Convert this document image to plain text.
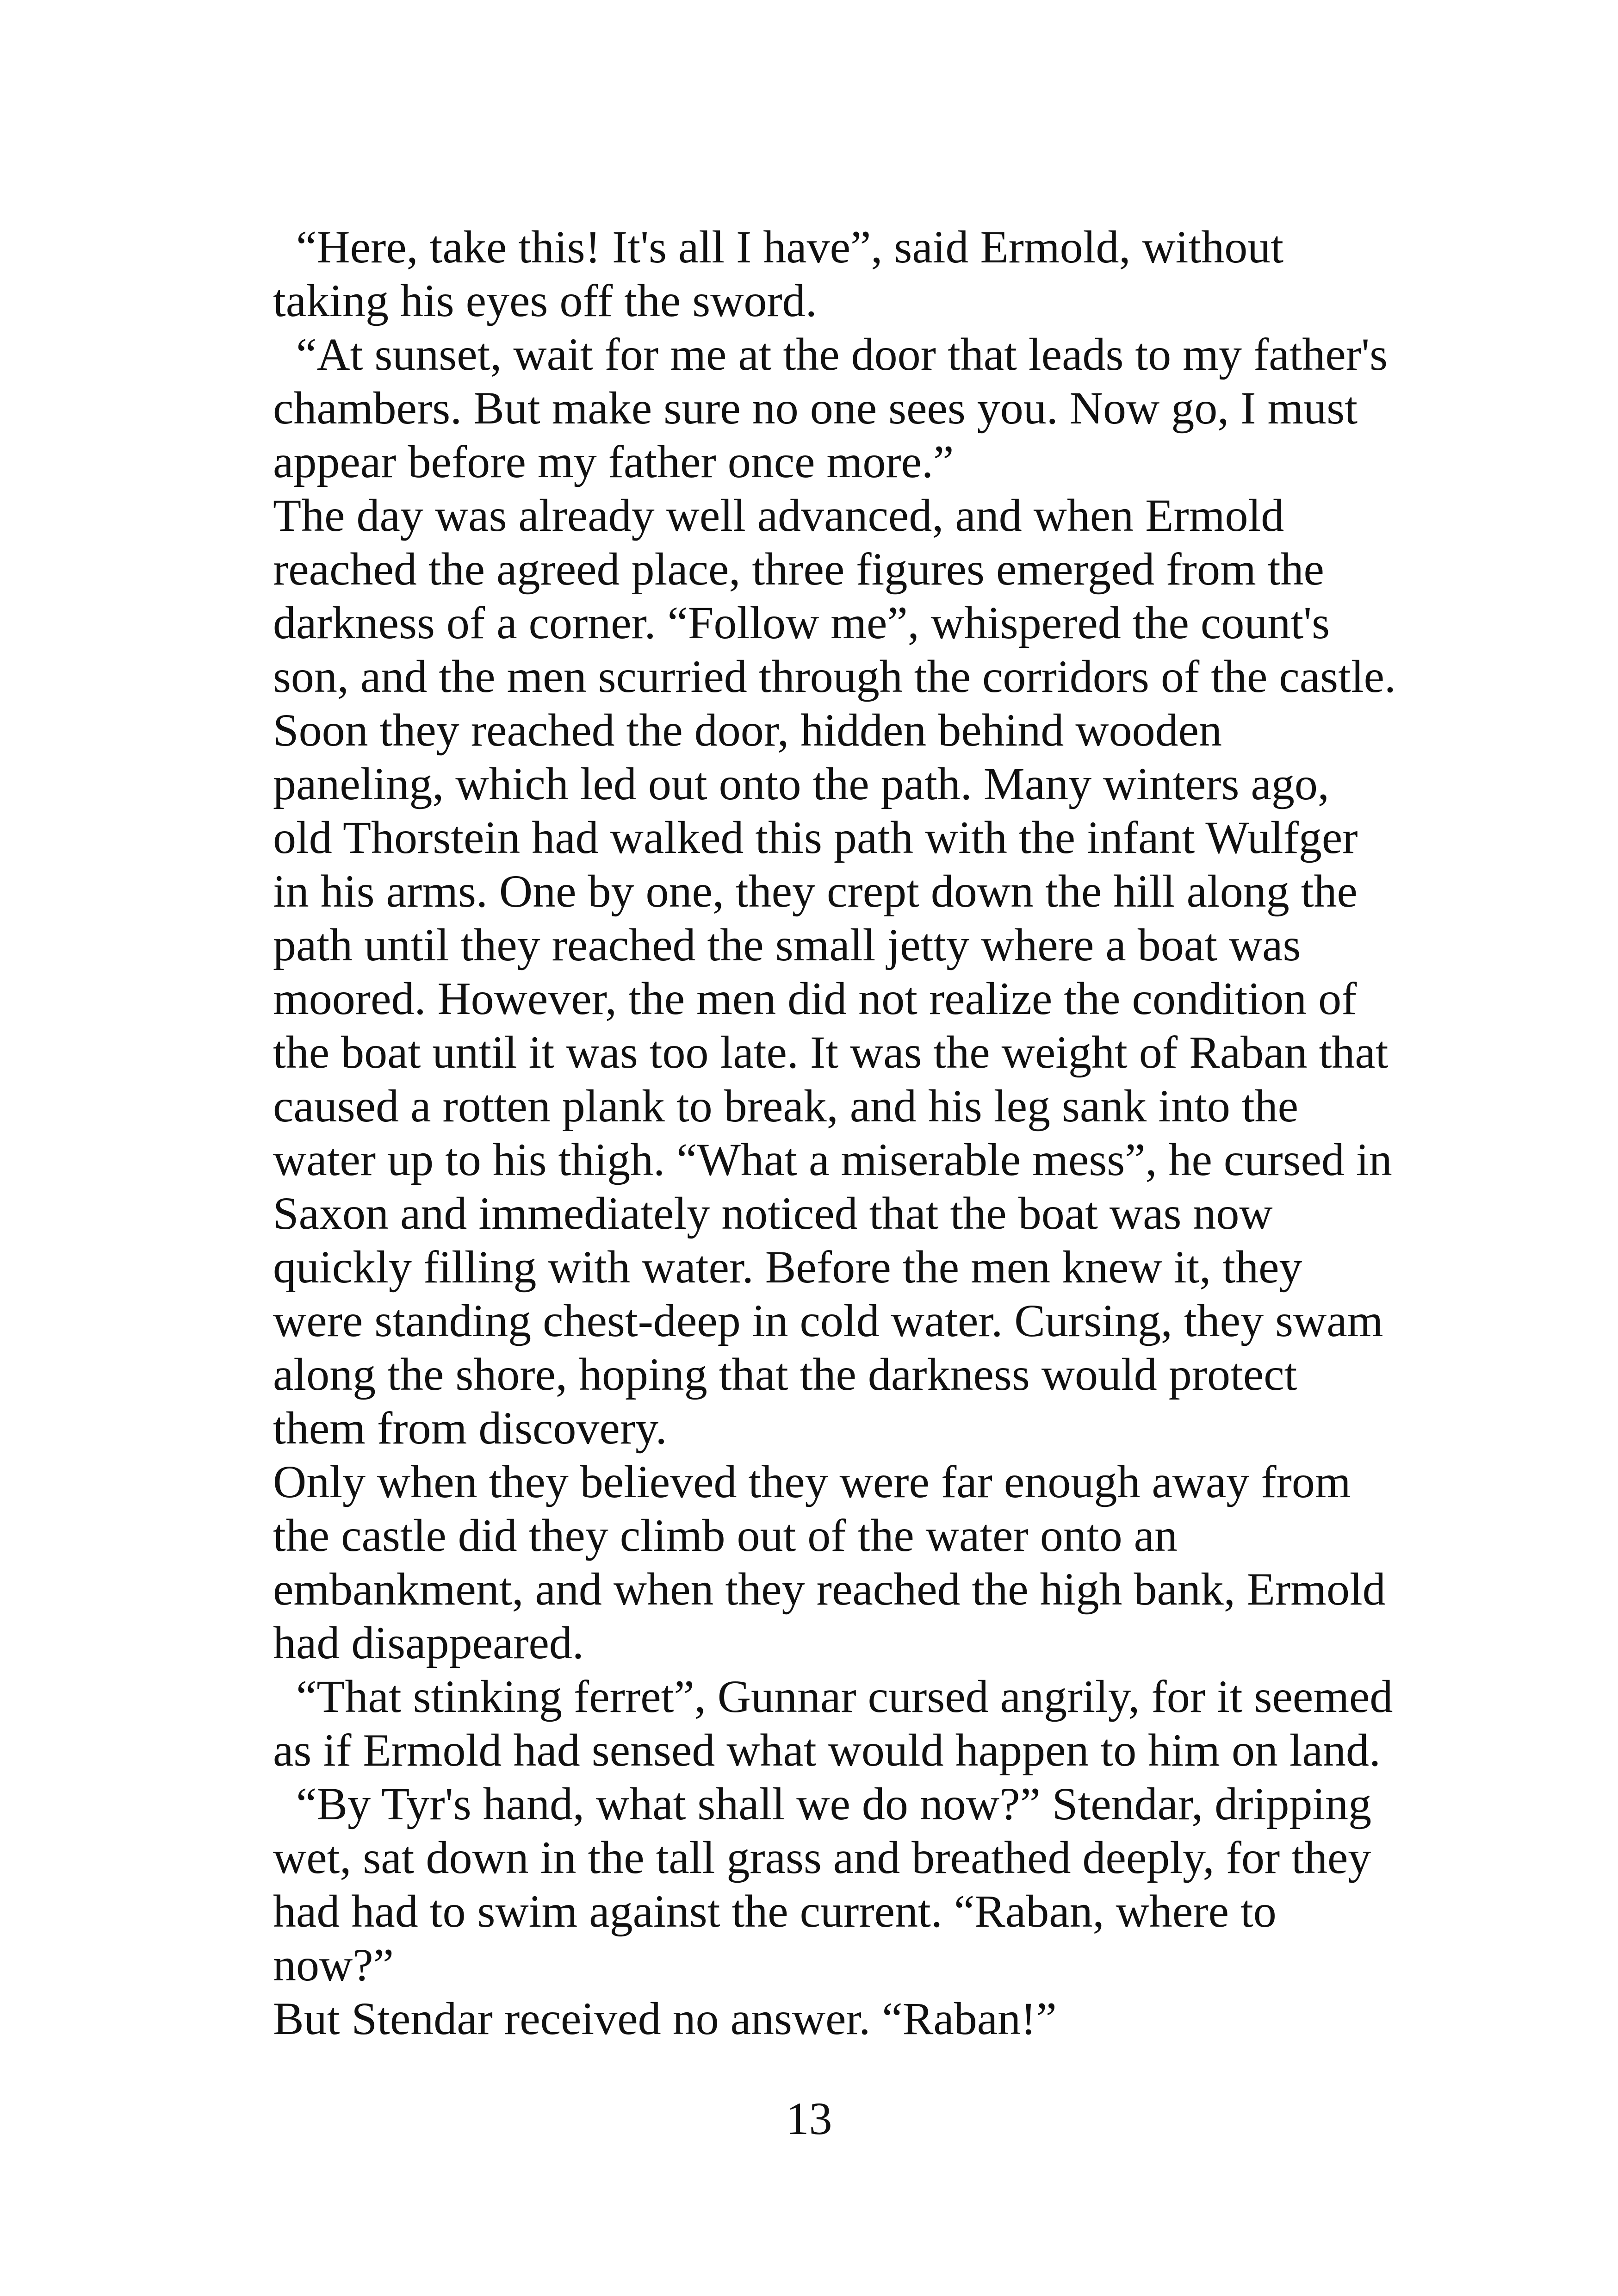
“Here, take this! It's all I have”, said Ermold, without
taking his eyes off the sword.
“At sunset, wait for me at the door that leads to my father's
chambers. But make sure no one sees you. Now go, I must
appear before my father once more.”
The day was already well advanced, and when Ermold
reached the agreed place, three figures emerged from the
darkness of a corner. “Follow me”, whispered the count's
son, and the men scurried through the corridors of the castle.
Soon they reached the door, hidden behind wooden
paneling, which led out onto the path. Many winters ago,
old Thorstein had walked this path with the infant Wulfger
in his arms. One by one, they crept down the hill along the
path until they reached the small jetty where a boat was
moored. However, the men did not realize the condition of
the boat until it was too late. It was the weight of Raban that
caused a rotten plank to break, and his leg sank into the
water up to his thigh. “What a miserable mess”, he cursed in
Saxon and immediately noticed that the boat was now
quickly filling with water. Before the men knew it, they
were standing chest-deep in cold water. Cursing, they swam
along the shore, hoping that the darkness would protect
them from discovery.
Only when they believed they were far enough away from
the castle did they climb out of the water onto an
embankment, and when they reached the high bank, Ermold
had disappeared.
“That stinking ferret”, Gunnar cursed angrily, for it seemed
as if Ermold had sensed what would happen to him on land.
“By Tyr's hand, what shall we do now?” Stendar, dripping
wet, sat down in the tall grass and breathed deeply, for they
had had to swim against the current. “Raban, where to
now?”
But Stendar received no answer. “Raban!”
13
